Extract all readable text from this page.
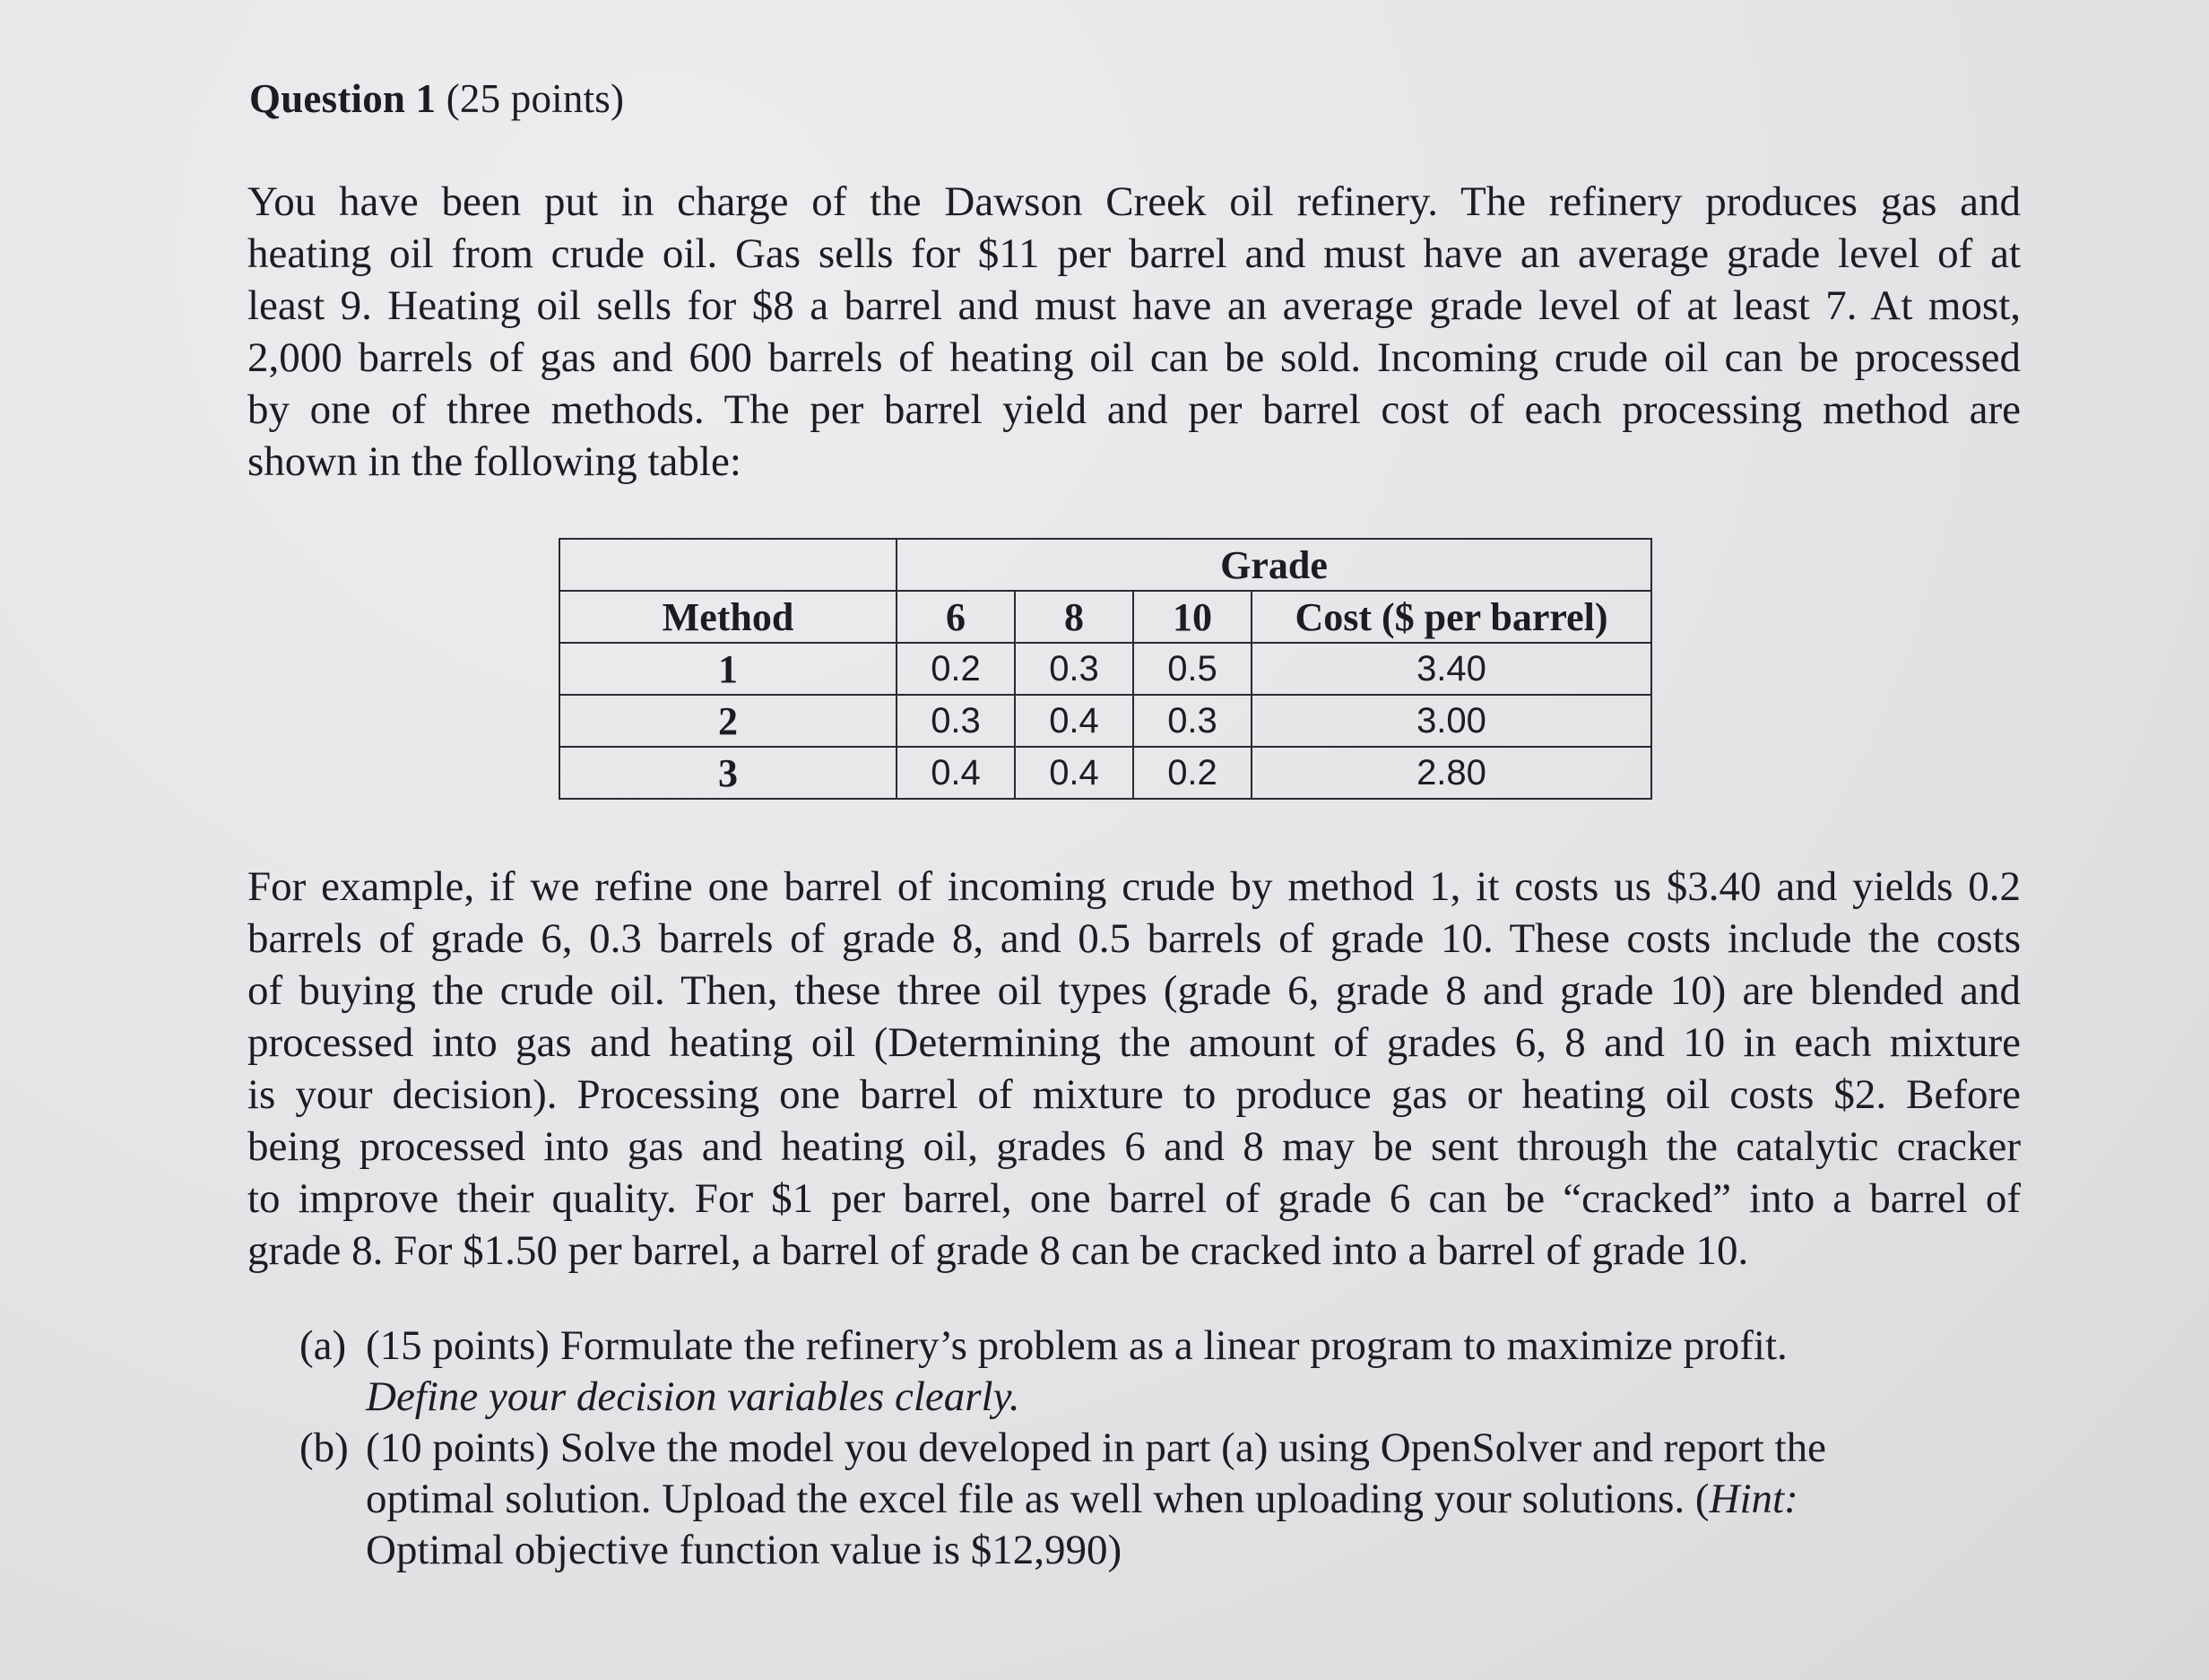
Question 1 (25 points)
You have been put in charge of the Dawson Creek oil refinery. The refinery produces gas and
heating oil from crude oil. Gas sells for $11 per barrel and must have an average grade level of at
least 9. Heating oil sells for $8 a barrel and must have an average grade level of at least 7. At most,
2,000 barrels of gas and 600 barrels of heating oil can be sold. Incoming crude oil can be processed
by one of three methods. The per barrel yield and per barrel cost of each processing method are
shown in the following table:
	Grade			
Method	6	8	10	Cost ($ per barrel)
1	0.2	0.3	0.5	3.40
2	0.3	0.4	0.3	3.00
3	0.4	0.4	0.2	2.80
For example, if we refine one barrel of incoming crude by method 1, it costs us $3.40 and yields 0.2
barrels of grade 6, 0.3 barrels of grade 8, and 0.5 barrels of grade 10. These costs include the costs
of buying the crude oil. Then, these three oil types (grade 6, grade 8 and grade 10) are blended and
processed into gas and heating oil (Determining the amount of grades 6, 8 and 10 in each mixture
is your decision). Processing one barrel of mixture to produce gas or heating oil costs $2. Before
being processed into gas and heating oil, grades 6 and 8 may be sent through the catalytic cracker
to improve their quality. For $1 per barrel, one barrel of grade 6 can be “cracked” into a barrel of
grade 8. For $1.50 per barrel, a barrel of grade 8 can be cracked into a barrel of grade 10.
(a) (15 points) Formulate the refinery’s problem as a linear program to maximize profit.
Define your decision variables clearly.
(b) (10 points) Solve the model you developed in part (a) using OpenSolver and report the
optimal solution. Upload the excel file as well when uploading your solutions. (Hint:
Optimal objective function value is $12,990)
